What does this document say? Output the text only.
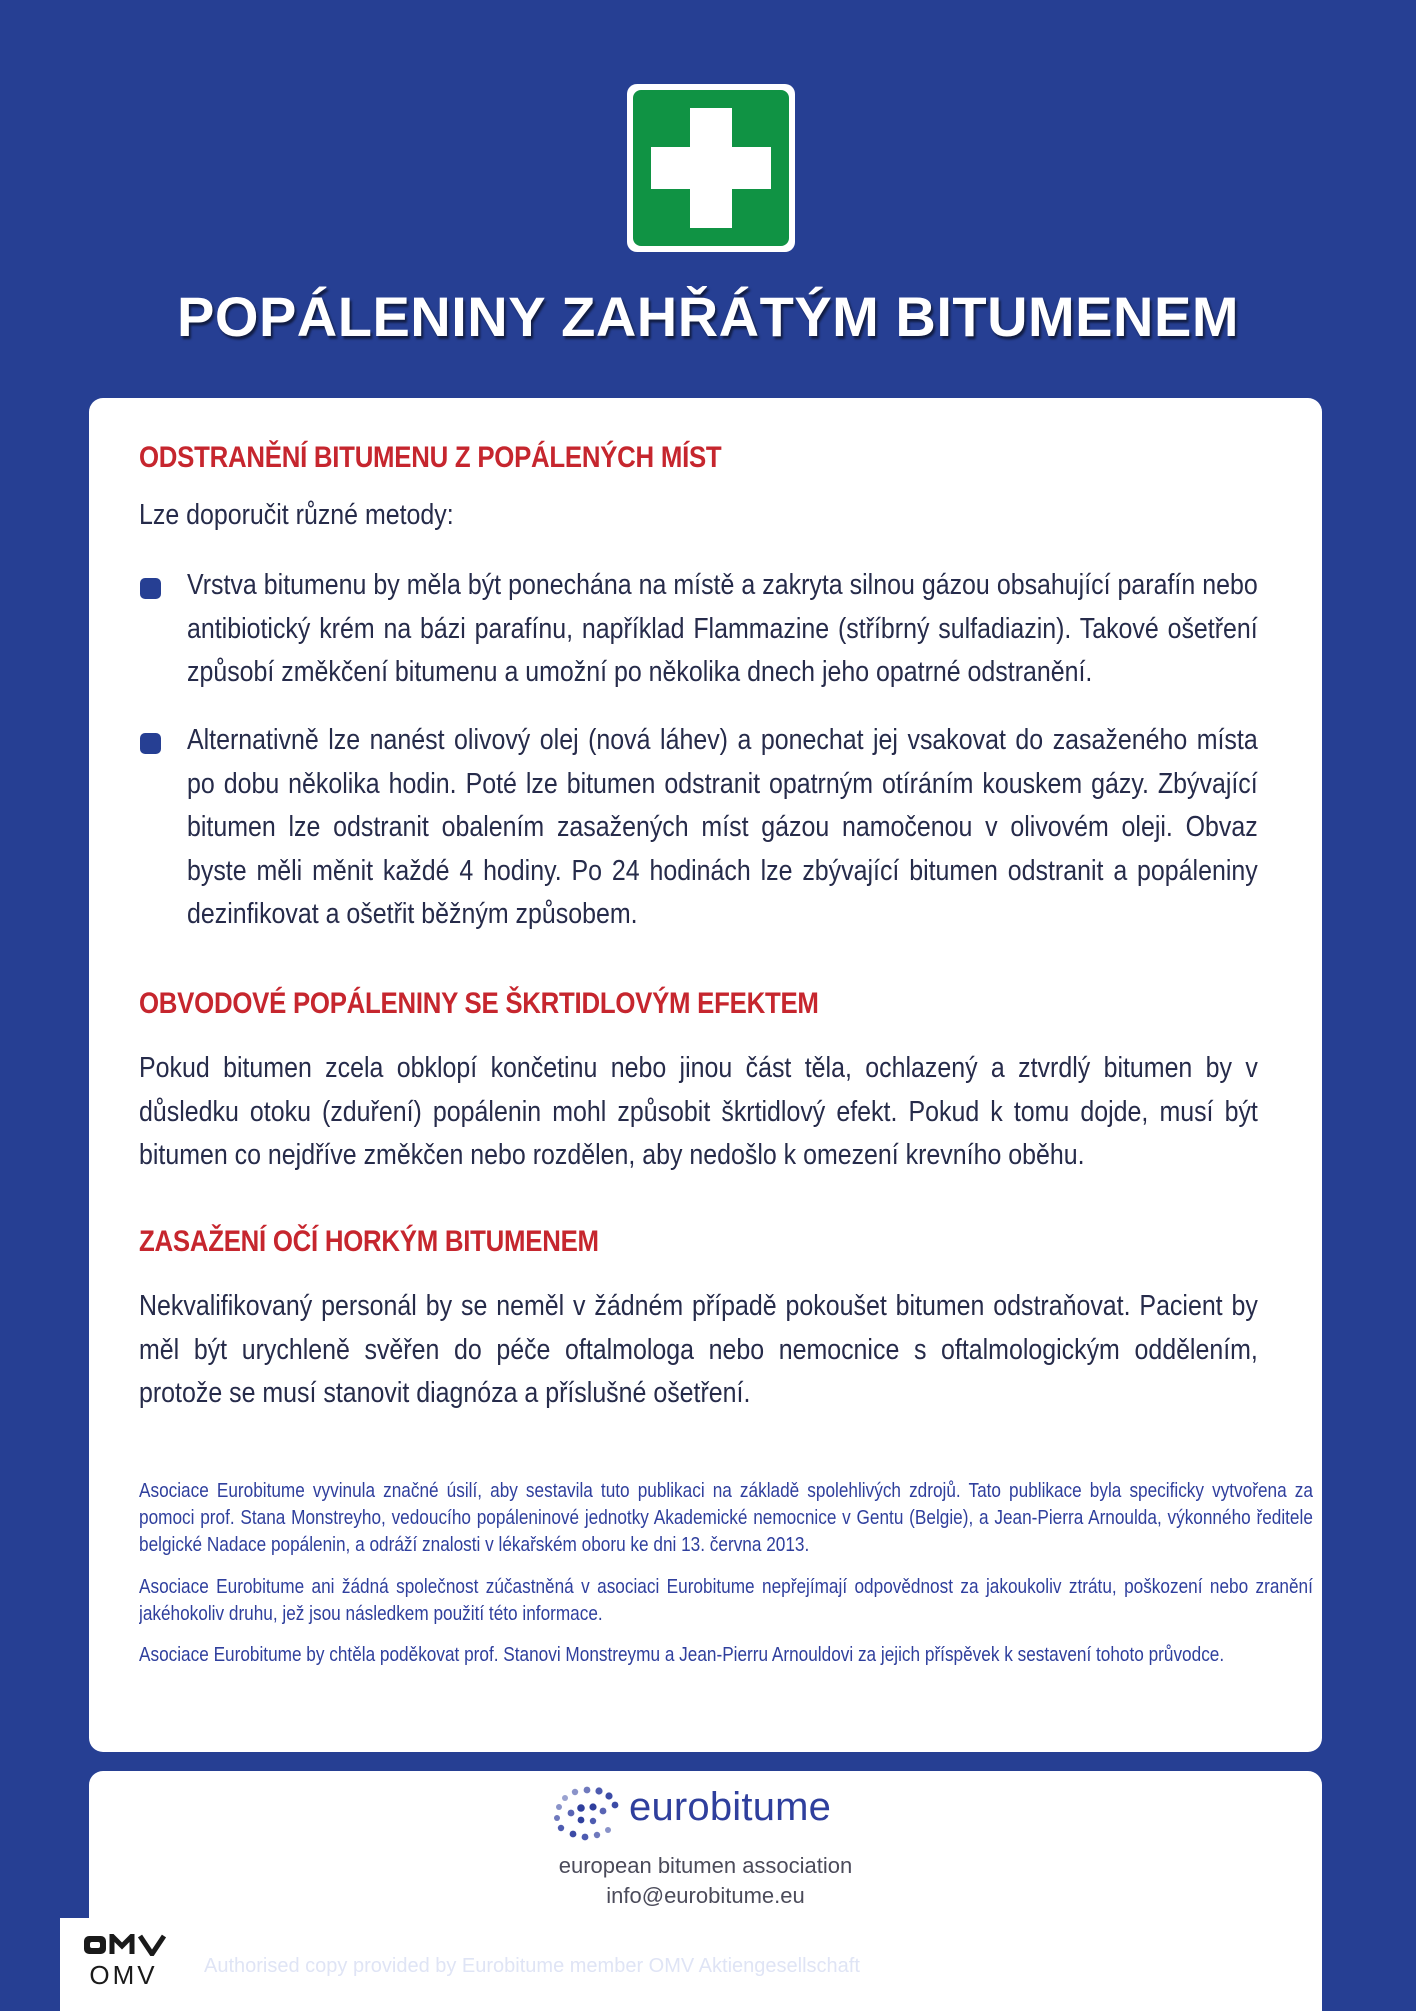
POPÁLENINY ZAHŘÁTÝM BITUMENEM
ODSTRANĚNÍ BITUMENU Z POPÁLENÝCH MÍST
Lze doporučit různé metody:
Vrstva bitumenu by měla být ponechána na místě a zakryta silnou gázou obsahující parafín nebo antibiotický krém na bázi parafínu, například Flammazine (stříbrný sulfadiazin). Takové ošetření způsobí změkčení bitumenu a umožní po několika dnech jeho opatrné odstranění.
Alternativně lze nanést olivový olej (nová láhev) a ponechat jej vsakovat do zasaženého místa po dobu několika hodin. Poté lze bitumen odstranit opatrným otíráním kouskem gázy. Zbývající bitumen lze odstranit obalením zasažených míst gázou namočenou v olivovém oleji. Obvaz byste měli měnit každé 4 hodiny. Po 24 hodinách lze zbývající bitumen odstranit a popáleniny dezinfikovat a ošetřit běžným způsobem.
OBVODOVÉ POPÁLENINY SE ŠKRTIDLOVÝM EFEKTEM
Pokud bitumen zcela obklopí končetinu nebo jinou část těla, ochlazený a ztvrdlý bitumen by v důsledku otoku (zduření) popálenin mohl způsobit škrtidlový efekt. Pokud k tomu dojde, musí být bitumen co nejdříve změkčen nebo rozdělen, aby nedošlo k omezení krevního oběhu.
ZASAŽENÍ OČÍ HORKÝM BITUMENEM
Nekvalifikovaný personál by se neměl v žádném případě pokoušet bitumen odstraňovat. Pacient by měl být urychleně svěřen do péče oftalmologa nebo nemocnice s oftalmologickým oddělením, protože se musí stanovit diagnóza a příslušné ošetření.
Asociace Eurobitume vyvinula značné úsilí, aby sestavila tuto publikaci na základě spolehlivých zdrojů. Tato publikace byla specificky vytvořena za pomoci prof. Stana Monstreyho, vedoucího popáleninové jednotky Akademické nemocnice v Gentu (Belgie), a Jean-Pierra Arnoulda, výkonného ředitele belgické Nadace popálenin, a odráží znalosti v lékařském oboru ke dni 13. června 2013.
Asociace Eurobitume ani žádná společnost zúčastněná v asociaci Eurobitume nepřejímají odpovědnost za jakoukoliv ztrátu, poškození nebo zranění jakéhokoliv druhu, jež jsou následkem použití této informace.
Asociace Eurobitume by chtěla poděkovat prof. Stanovi Monstreymu a Jean-Pierru Arnouldovi za jejich příspěvek k sestavení tohoto průvodce.
eurobitume
european bitumen association
info@eurobitume.eu
OMV	Authorised copy provided by Eurobitume member OMV Aktiengesellschaft
